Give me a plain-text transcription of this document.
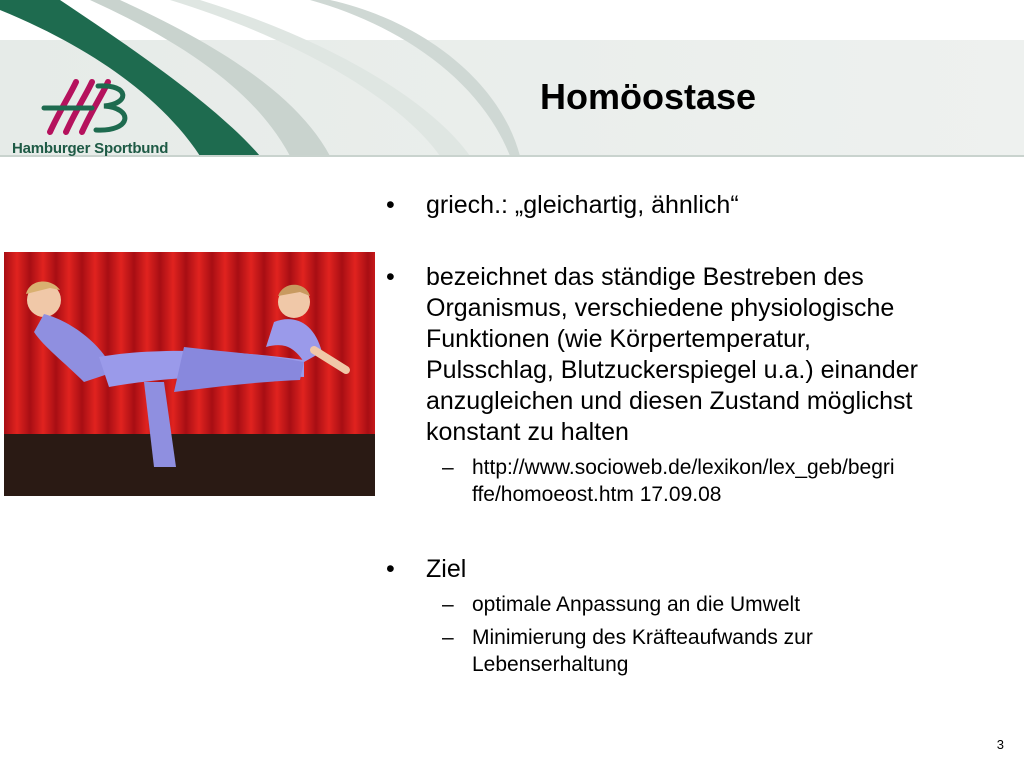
Hamburger Sportbund
Homöostase
• griech.: „gleichartig, ähnlich“
• bezeichnet das ständige Bestreben des
Organismus, verschiedene physiologische
Funktionen (wie Körpertemperatur,
Pulsschlag, Blutzuckerspiegel u.a.) einander
anzugleichen und diesen Zustand möglichst
konstant zu halten
– http://www.socioweb.de/lexikon/lex_geb/begri
ffe/homoeost.htm 17.09.08
• Ziel
– optimale Anpassung an die Umwelt
– Minimierung des Kräfteaufwands zur
Lebenserhaltung
3
